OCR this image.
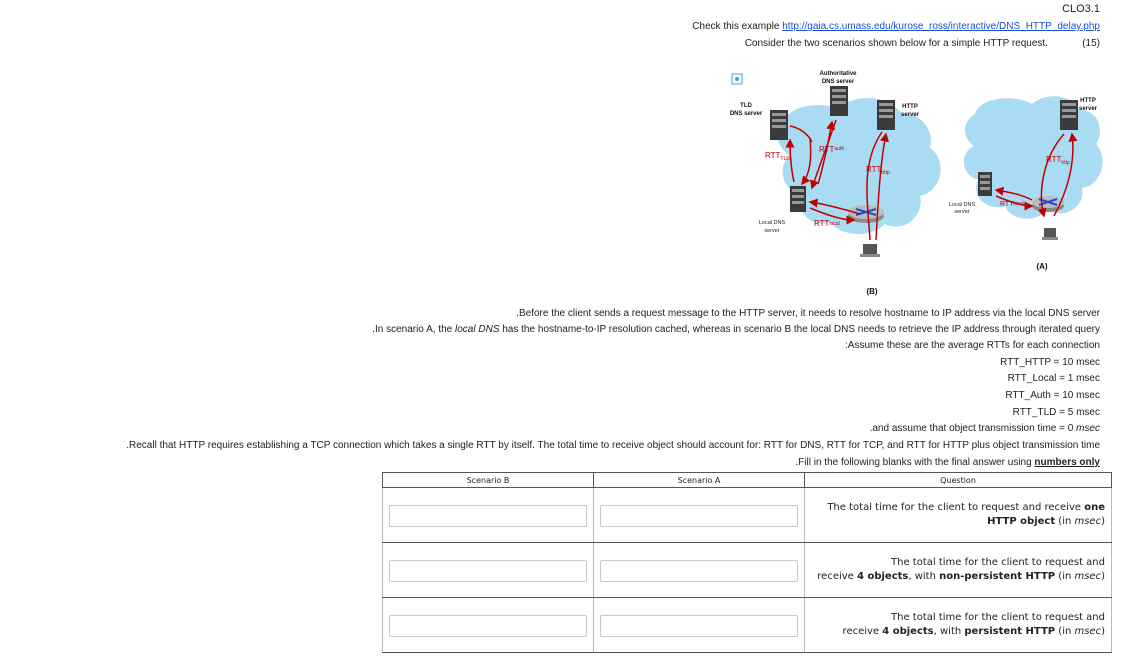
CLO3.1
Check this example http://gaia.cs.umass.edu/kurose_ross/interactive/DNS_HTTP_delay.php
Consider the two scenarios shown below for a simple HTTP request.	(15)
Authoritative
DNS server
TLD
DNS server
HTTP
server
HTTP
server
Local DNS
server
Local DNS
server
$RTT_{TLD}$
$RTT^{auth}$
$RTT_{http}$
RTTlocal
$RTT_{http}$
RTTlocal
(B)
(A)
.Before the client sends a request message to the HTTP server, it needs to resolve hostname to IP address via the local DNS server
.In scenario A, the local DNS has the hostname-to-IP resolution cached, whereas in scenario B the local DNS needs to retrieve the IP address through iterated query
:Assume these are the average RTTs for each connection
RTT_HTTP = 10 msec
RTT_Local = 1 msec
RTT_Auth = 10 msec
RTT_TLD = 5 msec
.and assume that object transmission time = 0 msec
.Recall that HTTP requires establishing a TCP connection which takes a single RTT by itself. The total time to receive object should account for: RTT for DNS, RTT for TCP, and RTT for HTTP plus object transmission time
.Fill in the following blanks with the final answer using numbers only
Scenario B	Scenario A	Question
		The total time for the client to request and receive one
HTTP object (in msec)
		The total time for the client to request and
receive 4 objects, with non-persistent HTTP (in msec)
		The total time for the client to request and
receive 4 objects, with persistent HTTP (in msec)
